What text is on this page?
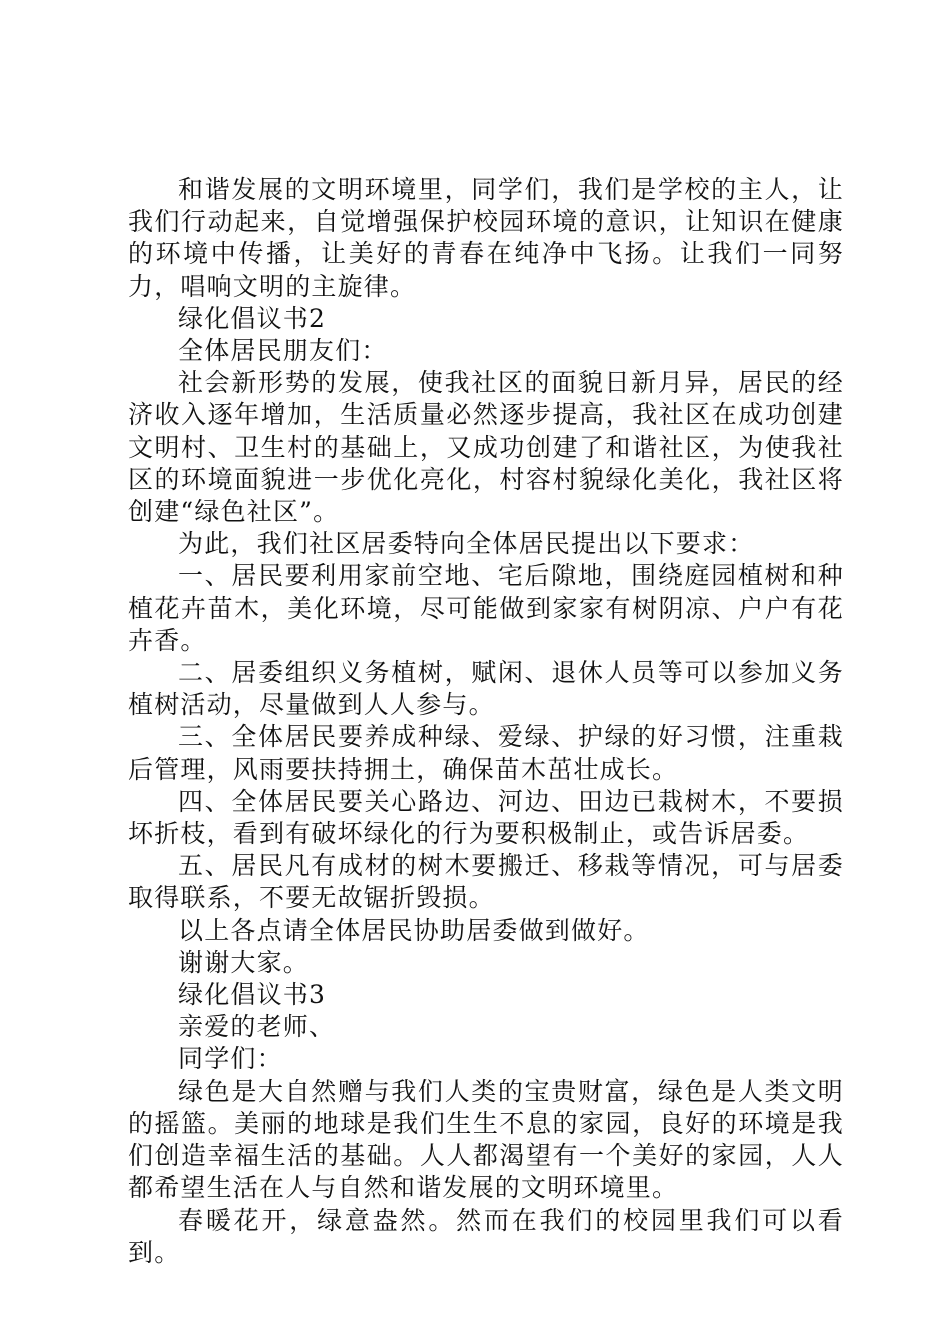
和谐发展的文明环境里，同学们，我们是学校的主人，让我们行动起来，自觉增强保护校园环境的意识，让知识在健康的环境中传播，让美好的青春在纯净中飞扬。让我们一同努力，唱响文明的主旋律。

绿化倡议书2

全体居民朋友们：

社会新形势的发展，使我社区的面貌日新月异，居民的经济收入逐年增加，生活质量必然逐步提高，我社区在成功创建文明村、卫生村的基础上，又成功创建了和谐社区，为使我社区的环境面貌进一步优化亮化，村容村貌绿化美化，我社区将创建“绿色社区”。

为此，我们社区居委特向全体居民提出以下要求：

一、居民要利用家前空地、宅后隙地，围绕庭园植树和种植花卉苗木，美化环境，尽可能做到家家有树阴凉、户户有花卉香。

二、居委组织义务植树，赋闲、退休人员等可以参加义务植树活动，尽量做到人人参与。

三、全体居民要养成种绿、爱绿、护绿的好习惯，注重栽后管理，风雨要扶持拥土，确保苗木茁壮成长。

四、全体居民要关心路边、河边、田边已栽树木，不要损坏折枝，看到有破坏绿化的行为要积极制止，或告诉居委。

五、居民凡有成材的树木要搬迁、移栽等情况，可与居委取得联系，不要无故锯折毁损。

以上各点请全体居民协助居委做到做好。

谢谢大家。

绿化倡议书3

亲爱的老师、

同学们：

绿色是大自然赠与我们人类的宝贵财富，绿色是人类文明的摇篮。美丽的地球是我们生生不息的家园，良好的环境是我们创造幸福生活的基础。人人都渴望有一个美好的家园，人人都希望生活在人与自然和谐发展的文明环境里。

春暖花开，绿意盎然。然而在我们的校园里我们可以看到。
